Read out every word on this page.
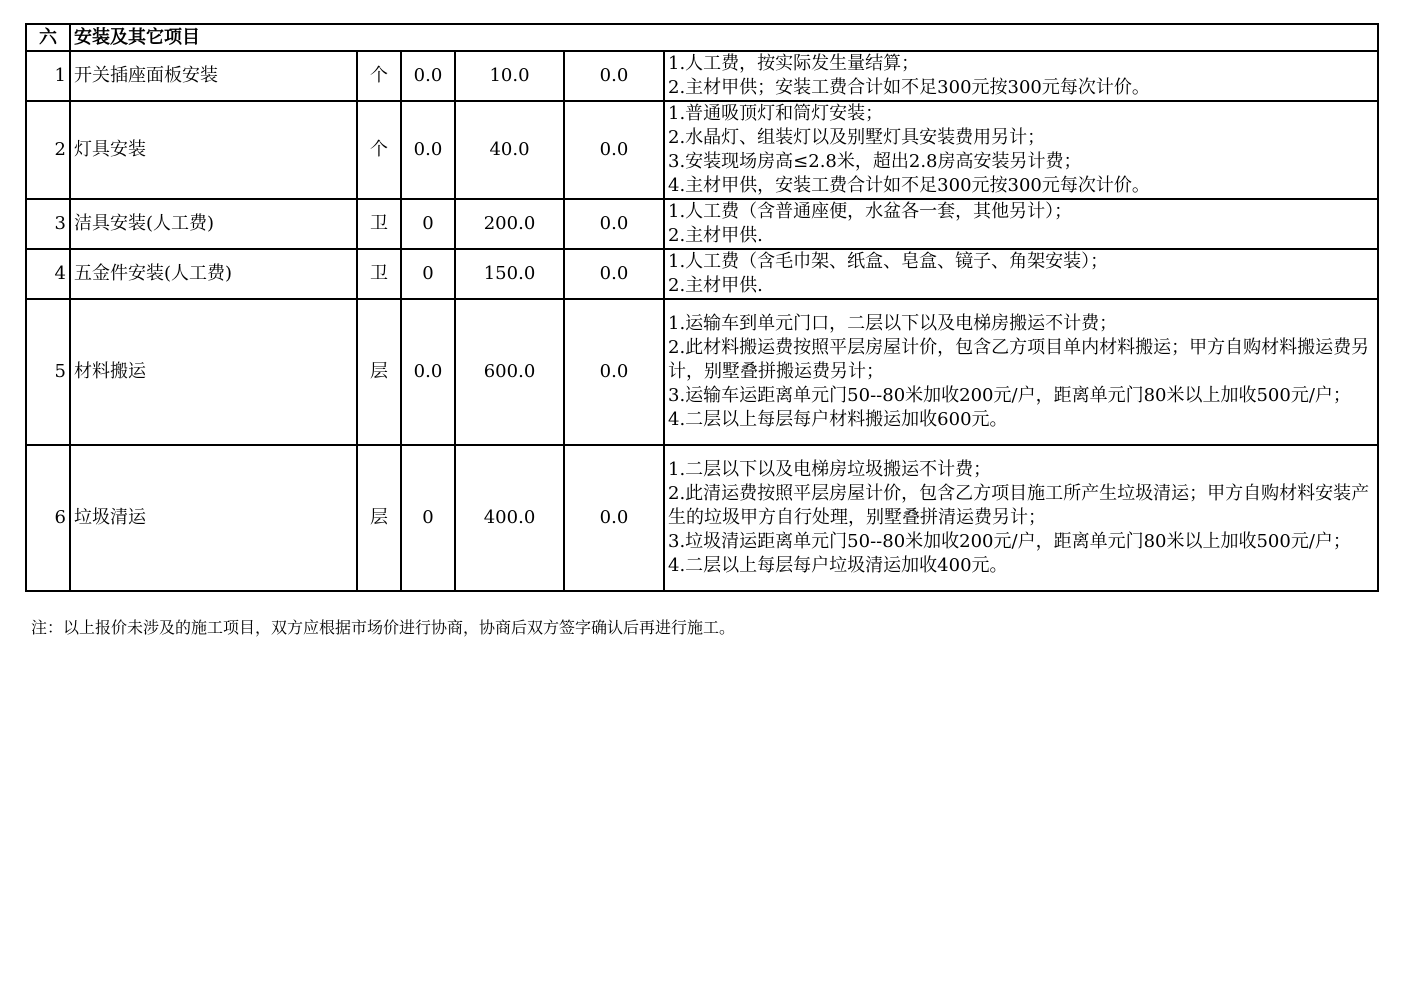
六	安装及其它项目					
1	开关插座面板安装	个	0.0	10.0	0.0	1.人工费，按实际发生量结算；
2.主材甲供；安装工费合计如不足300元按300元每次计价。

2	灯具安装	个	0.0	40.0	0.0	1.普通吸顶灯和筒灯安装；
2.水晶灯、组装灯以及别墅灯具安装费用另计；
3.安装现场房高≤2.8米，超出2.8房高安装另计费；
4.主材甲供，安装工费合计如不足300元按300元每次计价。

3	洁具安装(人工费)	卫	0	200.0	0.0	1.人工费（含普通座便，水盆各一套，其他另计）；
2.主材甲供.

4	五金件安装(人工费)	卫	0	150.0	0.0	1.人工费（含毛巾架、纸盒、皂盒、镜子、角架安装）；
2.主材甲供.

5	材料搬运	层	0.0	600.0	0.0	1.运输车到单元门口，二层以下以及电梯房搬运不计费；
2.此材料搬运费按照平层房屋计价，包含乙方项目单内材料搬运；甲方自购材料搬运费另计，别墅叠拼搬运费另计；
3.运输车运距离单元门50--80米加收200元/户，距离单元门80米以上加收500元/户；
4.二层以上每层每户材料搬运加收600元。

6	垃圾清运	层	0	400.0	0.0	1.二层以下以及电梯房垃圾搬运不计费；
2.此清运费按照平层房屋计价，包含乙方项目施工所产生垃圾清运；甲方自购材料安装产生的垃圾甲方自行处理，别墅叠拼清运费另计；
3.垃圾清运距离单元门50--80米加收200元/户，距离单元门80米以上加收500元/户；
4.二层以上每层每户垃圾清运加收400元。
注：以上报价未涉及的施工项目，双方应根据市场价进行协商，协商后双方签字确认后再进行施工。
